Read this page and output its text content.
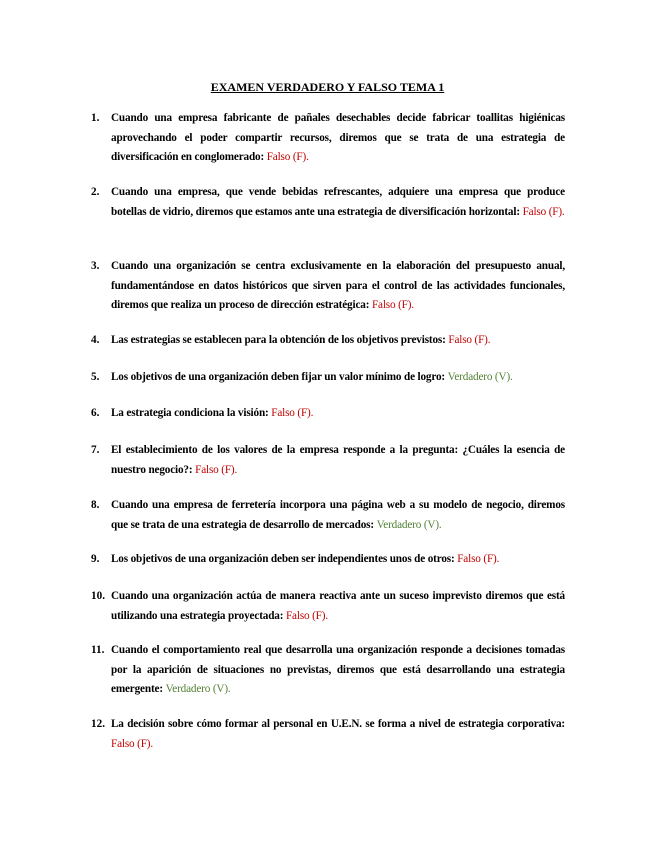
EXAMEN VERDADERO Y FALSO TEMA 1
1. Cuando una empresa fabricante de pañales desechables decide fabricar toallitas higiénicas aprovechando el poder compartir recursos, diremos que se trata de una estrategia de diversificación en conglomerado: Falso (F).
2. Cuando una empresa, que vende bebidas refrescantes, adquiere una empresa que produce botellas de vidrio, diremos que estamos ante una estrategia de diversificación horizontal: Falso (F).
3. Cuando una organización se centra exclusivamente en la elaboración del presupuesto anual, fundamentándose en datos históricos que sirven para el control de las actividades funcionales, diremos que realiza un proceso de dirección estratégica: Falso (F).
4. Las estrategias se establecen para la obtención de los objetivos previstos: Falso (F).
5. Los objetivos de una organización deben fijar un valor mínimo de logro: Verdadero (V).
6. La estrategia condiciona la visión: Falso (F).
7. El establecimiento de los valores de la empresa responde a la pregunta: ¿Cuáles la esencia de nuestro negocio?: Falso (F).
8. Cuando una empresa de ferretería incorpora una página web a su modelo de negocio, diremos que se trata de una estrategia de desarrollo de mercados: Verdadero (V).
9. Los objetivos de una organización deben ser independientes unos de otros: Falso (F).
10. Cuando una organización actúa de manera reactiva ante un suceso imprevisto diremos que está utilizando una estrategia proyectada: Falso (F).
11. Cuando el comportamiento real que desarrolla una organización responde a decisiones tomadas por la aparición de situaciones no previstas, diremos que está desarrollando una estrategia emergente: Verdadero (V).
12. La decisión sobre cómo formar al personal en U.E.N. se forma a nivel de estrategia corporativa: Falso (F).
